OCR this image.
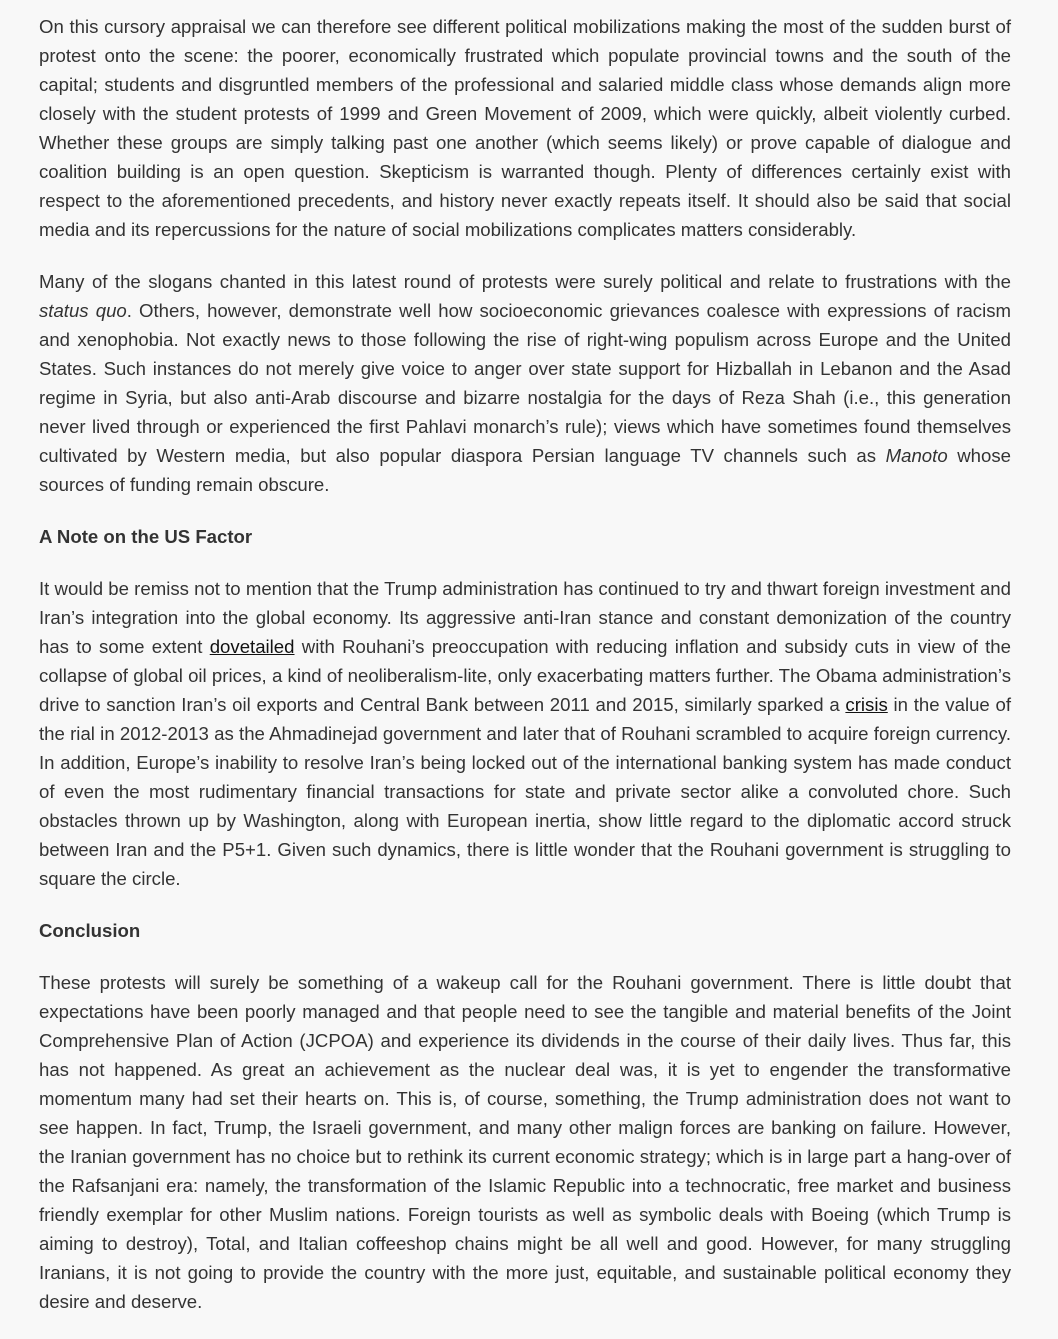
On this cursory appraisal we can therefore see different political mobilizations making the most of the sudden burst of protest onto the scene: the poorer, economically frustrated which populate provincial towns and the south of the capital; students and disgruntled members of the professional and salaried middle class whose demands align more closely with the student protests of 1999 and Green Movement of 2009, which were quickly, albeit violently curbed. Whether these groups are simply talking past one another (which seems likely) or prove capable of dialogue and coalition building is an open question. Skepticism is warranted though. Plenty of differences certainly exist with respect to the aforementioned precedents, and history never exactly repeats itself. It should also be said that social media and its repercussions for the nature of social mobilizations complicates matters considerably.

Many of the slogans chanted in this latest round of protests were surely political and relate to frustrations with the status quo. Others, however, demonstrate well how socioeconomic grievances coalesce with expressions of racism and xenophobia. Not exactly news to those following the rise of right-wing populism across Europe and the United States. Such instances do not merely give voice to anger over state support for Hizballah in Lebanon and the Asad regime in Syria, but also anti-Arab discourse and bizarre nostalgia for the days of Reza Shah (i.e., this generation never lived through or experienced the first Pahlavi monarch’s rule); views which have sometimes found themselves cultivated by Western media, but also popular diaspora Persian language TV channels such as Manoto whose sources of funding remain obscure.

A Note on the US Factor

It would be remiss not to mention that the Trump administration has continued to try and thwart foreign investment and Iran’s integration into the global economy. Its aggressive anti-Iran stance and constant demonization of the country has to some extent dovetailed with Rouhani’s preoccupation with reducing inflation and subsidy cuts in view of the collapse of global oil prices, a kind of neoliberalism-lite, only exacerbating matters further. The Obama administration’s drive to sanction Iran’s oil exports and Central Bank between 2011 and 2015, similarly sparked a crisis in the value of the rial in 2012-2013 as the Ahmadinejad government and later that of Rouhani scrambled to acquire foreign currency. In addition, Europe’s inability to resolve Iran’s being locked out of the international banking system has made conduct of even the most rudimentary financial transactions for state and private sector alike a convoluted chore. Such obstacles thrown up by Washington, along with European inertia, show little regard to the diplomatic accord struck between Iran and the P5+1. Given such dynamics, there is little wonder that the Rouhani government is struggling to square the circle.

Conclusion

These protests will surely be something of a wakeup call for the Rouhani government. There is little doubt that expectations have been poorly managed and that people need to see the tangible and material benefits of the Joint Comprehensive Plan of Action (JCPOA) and experience its dividends in the course of their daily lives. Thus far, this has not happened. As great an achievement as the nuclear deal was, it is yet to engender the transformative momentum many had set their hearts on. This is, of course, something, the Trump administration does not want to see happen. In fact, Trump, the Israeli government, and many other malign forces are banking on failure. However, the Iranian government has no choice but to rethink its current economic strategy; which is in large part a hang-over of the Rafsanjani era: namely, the transformation of the Islamic Republic into a technocratic, free market and business friendly exemplar for other Muslim nations. Foreign tourists as well as symbolic deals with Boeing (which Trump is aiming to destroy), Total, and Italian coffeeshop chains might be all well and good. However, for many struggling Iranians, it is not going to provide the country with the more just, equitable, and sustainable political economy they desire and deserve.
